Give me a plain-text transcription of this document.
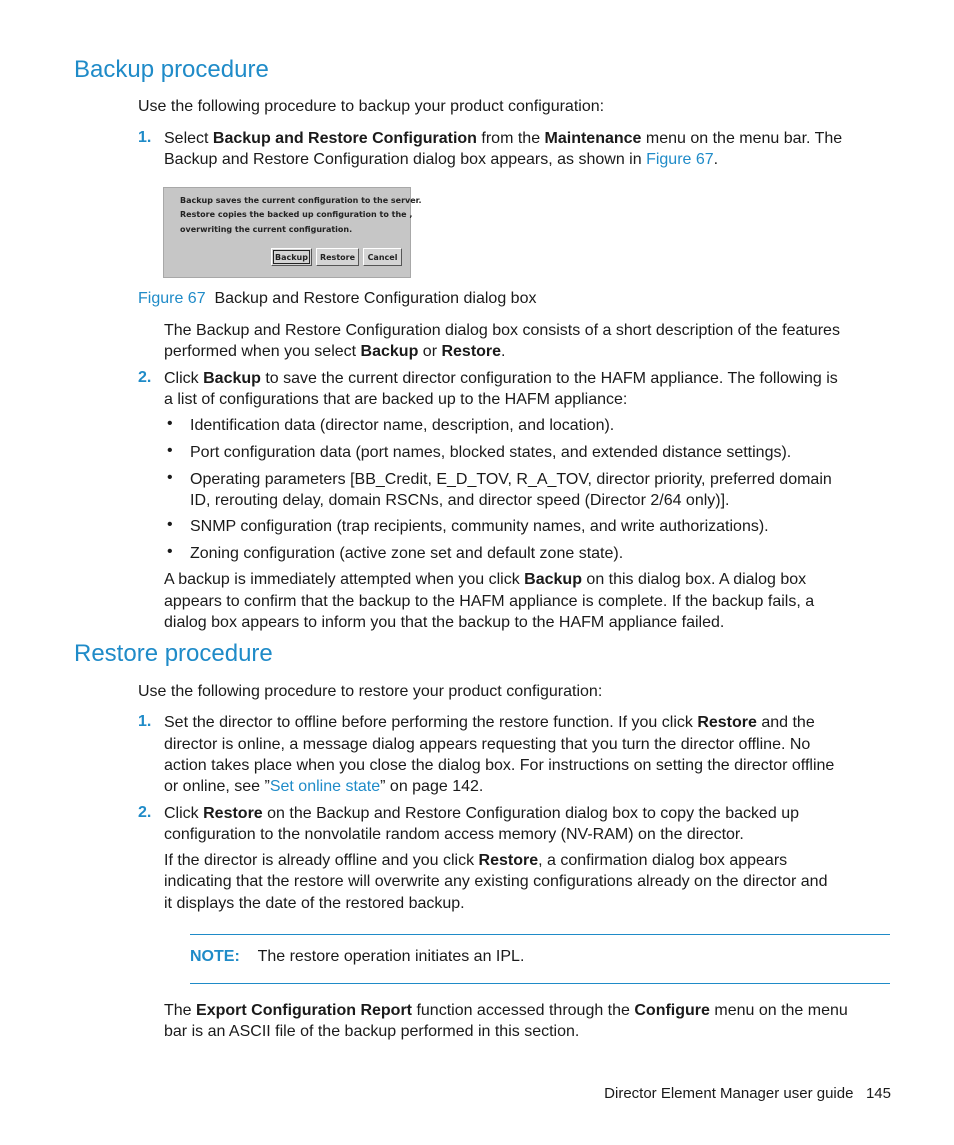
Backup procedure
Use the following procedure to backup your product configuration:
1. Select Backup and Restore Configuration from the Maintenance menu on the menu bar. The
Backup and Restore Configuration dialog box appears, as shown in Figure 67.
Backup saves the current configuration to the server.
Restore copies the backed up configuration to the ,
overwriting the current configuration.
Backup	Restore	Cancel
Figure 67 Backup and Restore Configuration dialog box
The Backup and Restore Configuration dialog box consists of a short description of the features
performed when you select Backup or Restore.
2. Click Backup to save the current director configuration to the HAFM appliance. The following is
a list of configurations that are backed up to the HAFM appliance:
• Identification data (director name, description, and location).
• Port configuration data (port names, blocked states, and extended distance settings).
• Operating parameters [BB_Credit, E_D_TOV, R_A_TOV, director priority, preferred domain
ID, rerouting delay, domain RSCNs, and director speed (Director 2/64 only)].
• SNMP configuration (trap recipients, community names, and write authorizations).
• Zoning configuration (active zone set and default zone state).
A backup is immediately attempted when you click Backup on this dialog box. A dialog box
appears to confirm that the backup to the HAFM appliance is complete. If the backup fails, a
dialog box appears to inform you that the backup to the HAFM appliance failed.
Restore procedure
Use the following procedure to restore your product configuration:
1. Set the director to offline before performing the restore function. If you click Restore and the
director is online, a message dialog appears requesting that you turn the director offline. No
action takes place when you close the dialog box. For instructions on setting the director offline
or online, see ”Set online state” on page 142.
2. Click Restore on the Backup and Restore Configuration dialog box to copy the backed up
configuration to the nonvolatile random access memory (NV-RAM) on the director.
If the director is already offline and you click Restore, a confirmation dialog box appears
indicating that the restore will overwrite any existing configurations already on the director and
it displays the date of the restored backup.
NOTE: The restore operation initiates an IPL.
The Export Configuration Report function accessed through the Configure menu on the menu
bar is an ASCII file of the backup performed in this section.
Director Element Manager user guide 145
